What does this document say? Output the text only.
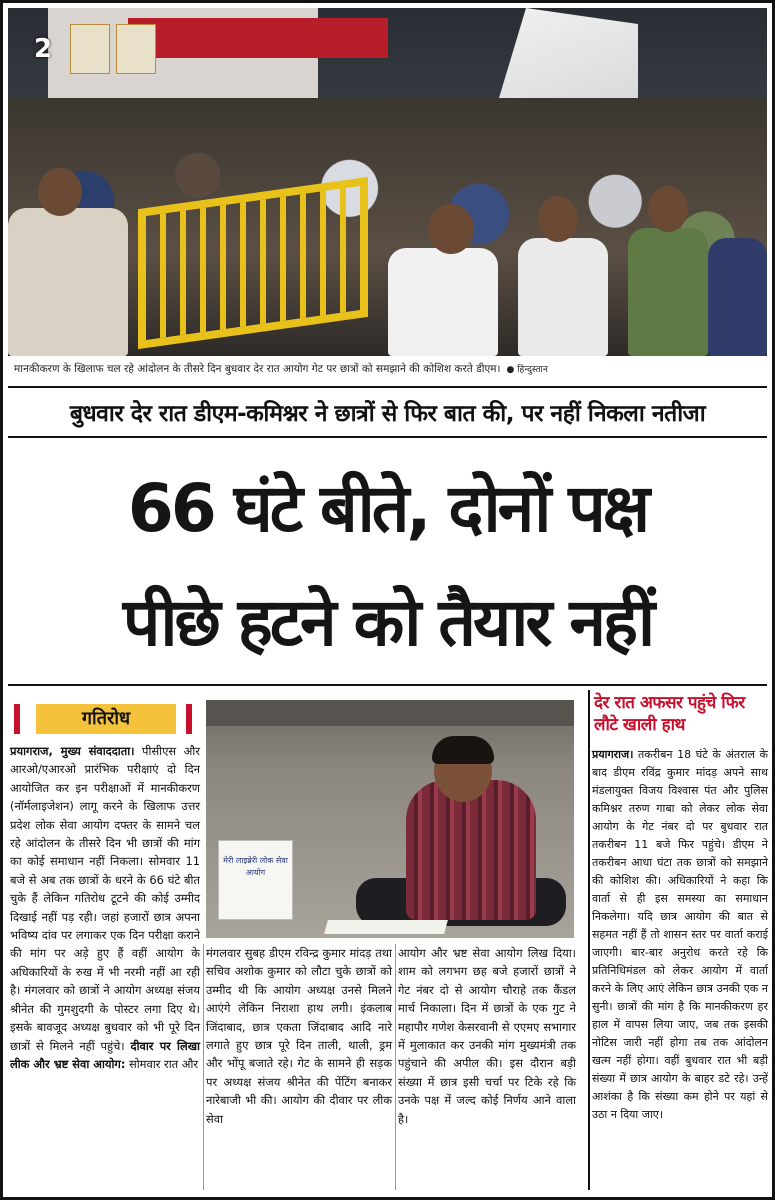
2
मानकीकरण के खिलाफ चल रहे आंदोलन के तीसरे दिन बुधवार देर रात आयोग गेट पर छात्रों को समझाने की कोशिश करते डीएम। ● हिन्दुस्तान
बुधवार देर रात डीएम-कमिश्नर ने छात्रों से फिर बात की, पर नहीं निकला नतीजा
66 घंटे बीते, दोनों पक्ष
पीछे हटने को तैयार नहीं
गतिरोध
मेरी लाइब्रेरी लोक सेवा आयोग

प्रयागराज, मुख्य संवाददाता। पीसीएस और आरओ/एआरओ प्रारंभिक परीक्षाएं दो दिन आयोजित कर इन परीक्षाओं में मानकीकरण (नॉर्मलाइजेशन) लागू करने के खिलाफ उत्तर प्रदेश लोक सेवा आयोग दफ्तर के सामने चल रहे आंदोलन के तीसरे दिन भी छात्रों की मांग का कोई समाधान नहीं निकला। सोमवार 11 बजे से अब तक छात्रों के धरने के 66 घंटे बीत चुके हैं लेकिन गतिरोध टूटने की कोई उम्मीद दिखाई नहीं पड़ रही। जहां हजारों छात्र अपना भविष्य दांव पर लगाकर एक दिन परीक्षा कराने की मांग पर अड़े हुए हैं वहीं आयोग के अधिकारियों के रुख में भी नरमी नहीं आ रही है। मंगलवार को छात्रों ने आयोग अध्यक्ष संजय श्रीनेत की गुमशुदगी के पोस्टर लगा दिए थे। इसके बावजूद अध्यक्ष बुधवार को भी पूरे दिन छात्रों से मिलने नहीं पहुंचे। दीवार पर लिखा लीक और भ्रष्ट सेवा आयोग: सोमवार रात और

मंगलवार सुबह डीएम रविन्द्र कुमार मांदड़ तथा सचिव अशोक कुमार को लौटा चुके छात्रों को उम्मीद थी कि आयोग अध्यक्ष उनसे मिलने आएंगे लेकिन निराशा हाथ लगी। इंकलाब जिंदाबाद, छात्र एकता जिंदाबाद आदि नारे लगाते हुए छात्र पूरे दिन ताली, थाली, ड्रम और भोंपू बजाते रहे। गेट के सामने ही सड़क पर अध्यक्ष संजय श्रीनेत की पेंटिंग बनाकर नारेबाजी भी की। आयोग की दीवार पर लीक सेवा

आयोग और भ्रष्ट सेवा आयोग लिख दिया। शाम को लगभग छह बजे हजारों छात्रों ने गेट नंबर दो से आयोग चौराहे तक कैंडल मार्च निकाला। दिन में छात्रों के एक गुट ने महापौर गणेश केसरवानी से एएमए सभागार में मुलाकात कर उनकी मांग मुख्यमंत्री तक पहुंचाने की अपील की। इस दौरान बड़ी संख्या में छात्र इसी चर्चा पर टिके रहे कि उनके पक्ष में जल्द कोई निर्णय आने वाला है।

देर रात अफसर पहुंचे फिर लौटे खाली हाथ

प्रयागराज। तकरीबन 18 घंटे के अंतराल के बाद डीएम रविंद्र कुमार मांदड़ अपने साथ मंडलायुक्त विजय विश्वास पंत और पुलिस कमिश्नर तरुण गाबा को लेकर लोक सेवा आयोग के गेट नंबर दो पर बुधवार रात तकरीबन 11 बजे फिर पहुंचे। डीएम ने तकरीबन आधा घंटा तक छात्रों को समझाने की कोशिश की। अधिकारियों ने कहा कि वार्ता से ही इस समस्या का समाधान निकलेगा। यदि छात्र आयोग की बात से सहमत नहीं हैं तो शासन स्तर पर वार्ता कराई जाएगी। बार-बार अनुरोध करते रहे कि प्रतिनिधिमंडल को लेकर आयोग में वार्ता करने के लिए आएं लेकिन छात्र उनकी एक न सुनी। छात्रों की मांग है कि मानकीकरण हर हाल में वापस लिया जाए, जब तक इसकी नोटिस जारी नहीं होगा तब तक आंदोलन खत्म नहीं होगा। वहीं बुधवार रात भी बड़ी संख्या में छात्र आयोग के बाहर डटे रहे। उन्हें आशंका है कि संख्या कम होने पर यहां से उठा न दिया जाए।
